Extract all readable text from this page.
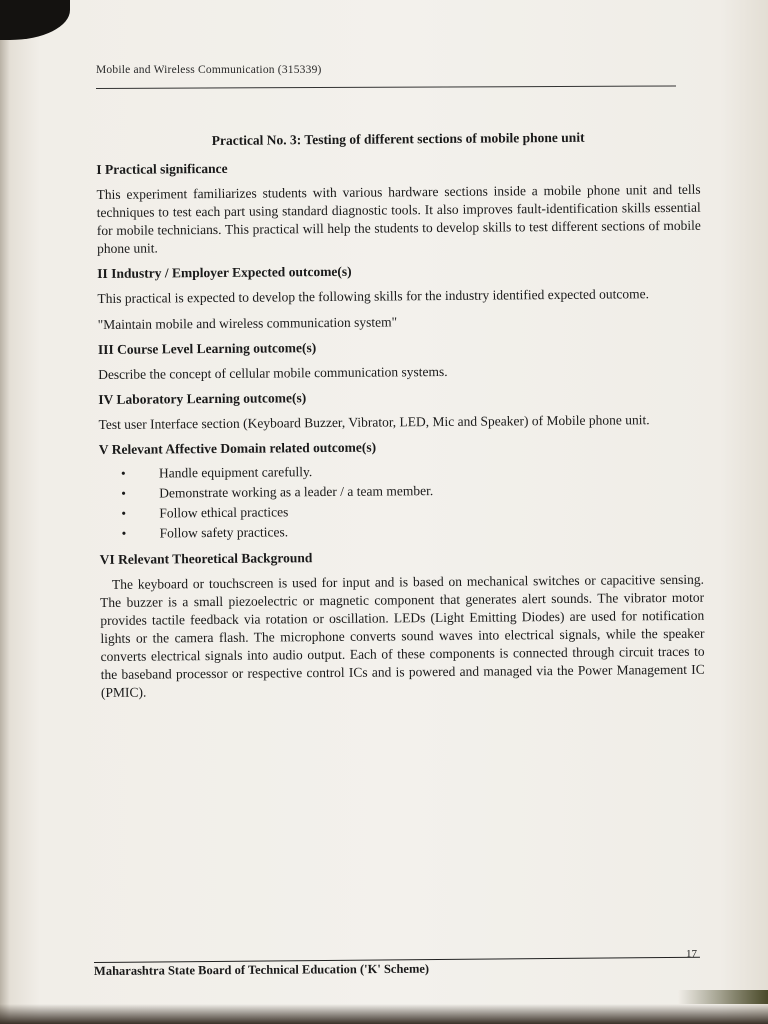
Mobile and Wireless Communication (315339)
Practical No. 3: Testing of different sections of mobile phone unit
I Practical significance

This experiment familiarizes students with various hardware sections inside a mobile phone unit and tells techniques to test each part using standard diagnostic tools. It also improves fault-identification skills essential for mobile technicians. This practical will help the students to develop skills to test different sections of mobile phone unit.

II Industry / Employer Expected outcome(s)

This practical is expected to develop the following skills for the industry identified expected outcome.

"Maintain mobile and wireless communication system"

III Course Level Learning outcome(s)

Describe the concept of cellular mobile communication systems.

IV Laboratory Learning outcome(s)

Test user Interface section (Keyboard Buzzer, Vibrator, LED, Mic and Speaker) of Mobile phone unit.

V Relevant Affective Domain related outcome(s)
• Handle equipment carefully.
• Demonstrate working as a leader / a team member.
• Follow ethical practices
• Follow safety practices.
VI Relevant Theoretical Background

The keyboard or touchscreen is used for input and is based on mechanical switches or capacitive sensing. The buzzer is a small piezoelectric or magnetic component that generates alert sounds. The vibrator motor provides tactile feedback via rotation or oscillation. LEDs (Light Emitting Diodes) are used for notification lights or the camera flash. The microphone converts sound waves into electrical signals, while the speaker converts electrical signals into audio output. Each of these components is connected through circuit traces to the baseband processor or respective control ICs and is powered and managed via the Power Management IC (PMIC).

17
Maharashtra State Board of Technical Education ('K' Scheme)
